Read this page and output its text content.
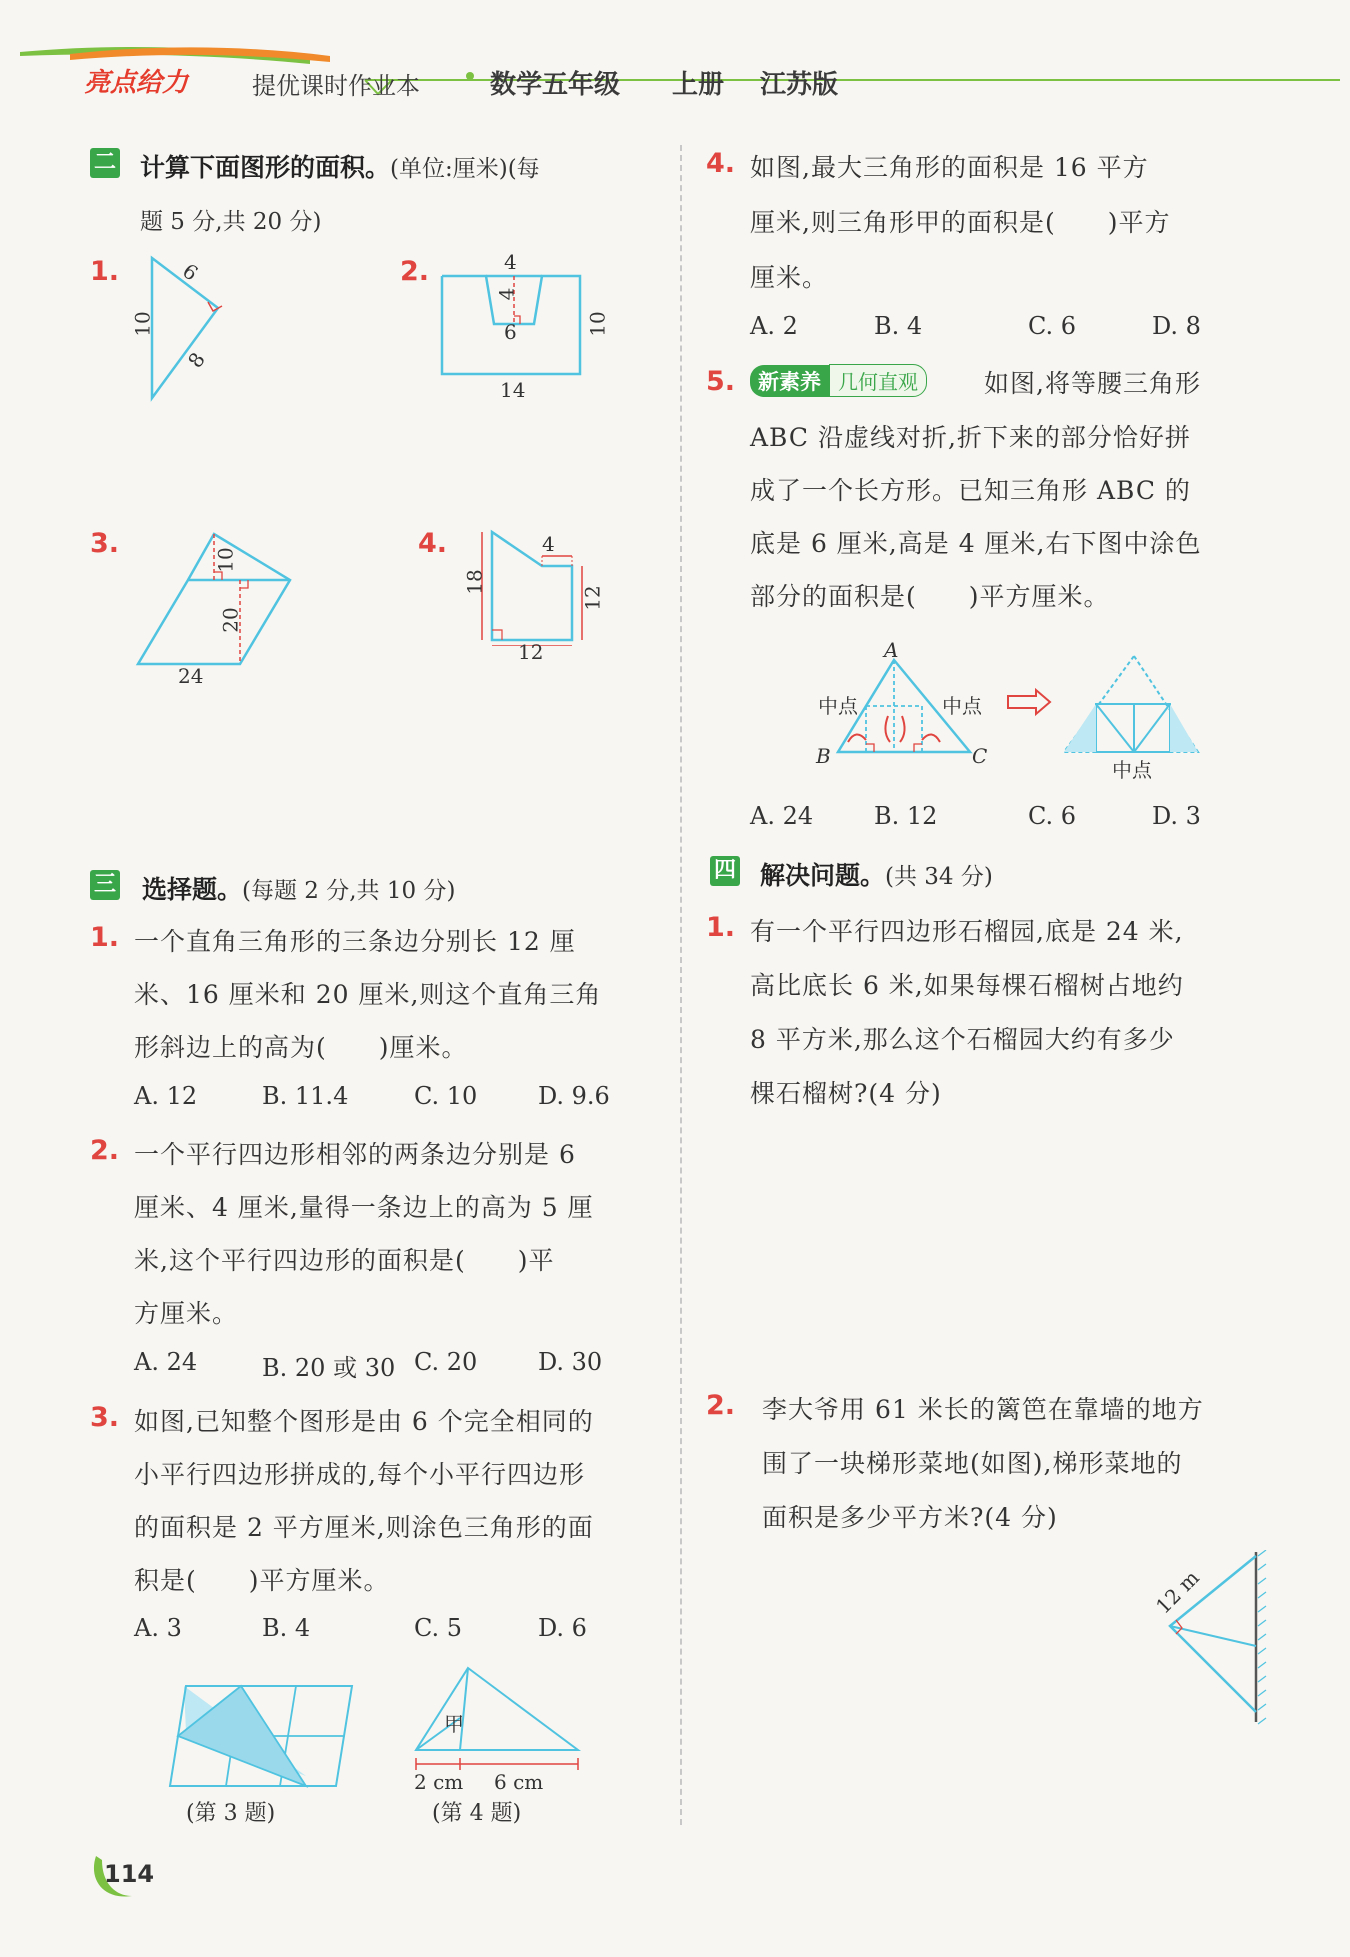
亮点给力	提优课时作业本	数学五年级 上册 江苏版
二 计算下面图形的面积。(单位:厘米)(每
题 5 分,共 20 分)
1.	6
10
8
2.	4
4
6	10
14
3.
10
20
24
4.
18
4
12
12
三 选择题。(每题 2 分,共 10 分)
1. 一个直角三角形的三条边分别长 12 厘
米、16 厘米和 20 厘米,则这个直角三角
形斜边上的高为(　　)厘米。
A. 12	B. 11.4	C. 10	D. 9.6
2. 一个平行四边形相邻的两条边分别是 6
厘米、4 厘米,量得一条边上的高为 5 厘
米,这个平行四边形的面积是(　　)平
方厘米。
A. 24	B. 20 或 30 C. 20	D. 30
3. 如图,已知整个图形是由 6 个完全相同的
小平行四边形拼成的,每个小平行四边形
的面积是 2 平方厘米,则涂色三角形的面
积是(　　)平方厘米。
A. 3	B. 4	C. 5	D. 6
(第 3 题)
甲
2 cm 6 cm
(第 4 题)
4. 如图,最大三角形的面积是 16 平方
厘米,则三角形甲的面积是(　　)平方
厘米。
A. 2	B. 4	C. 6	D. 8
5.	新素养 几何直观	如图,将等腰三角形
ABC 沿虚线对折,折下来的部分恰好拼
成了一个长方形。已知三角形 ABC 的
底是 6 厘米,高是 4 厘米,右下图中涂色
部分的面积是(　　)平方厘米。
A
中点	中点
B	C
中点
A. 24	B. 12	C. 6	D. 3
四 解决问题。(共 34 分)
1. 有一个平行四边形石榴园,底是 24 米,
高比底长 6 米,如果每棵石榴树占地约
8 平方米,那么这个石榴园大约有多少
棵石榴树?(4 分)
2. 李大爷用 61 米长的篱笆在靠墙的地方
围了一块梯形菜地(如图),梯形菜地的
面积是多少平方米?(4 分)
12 m
114
